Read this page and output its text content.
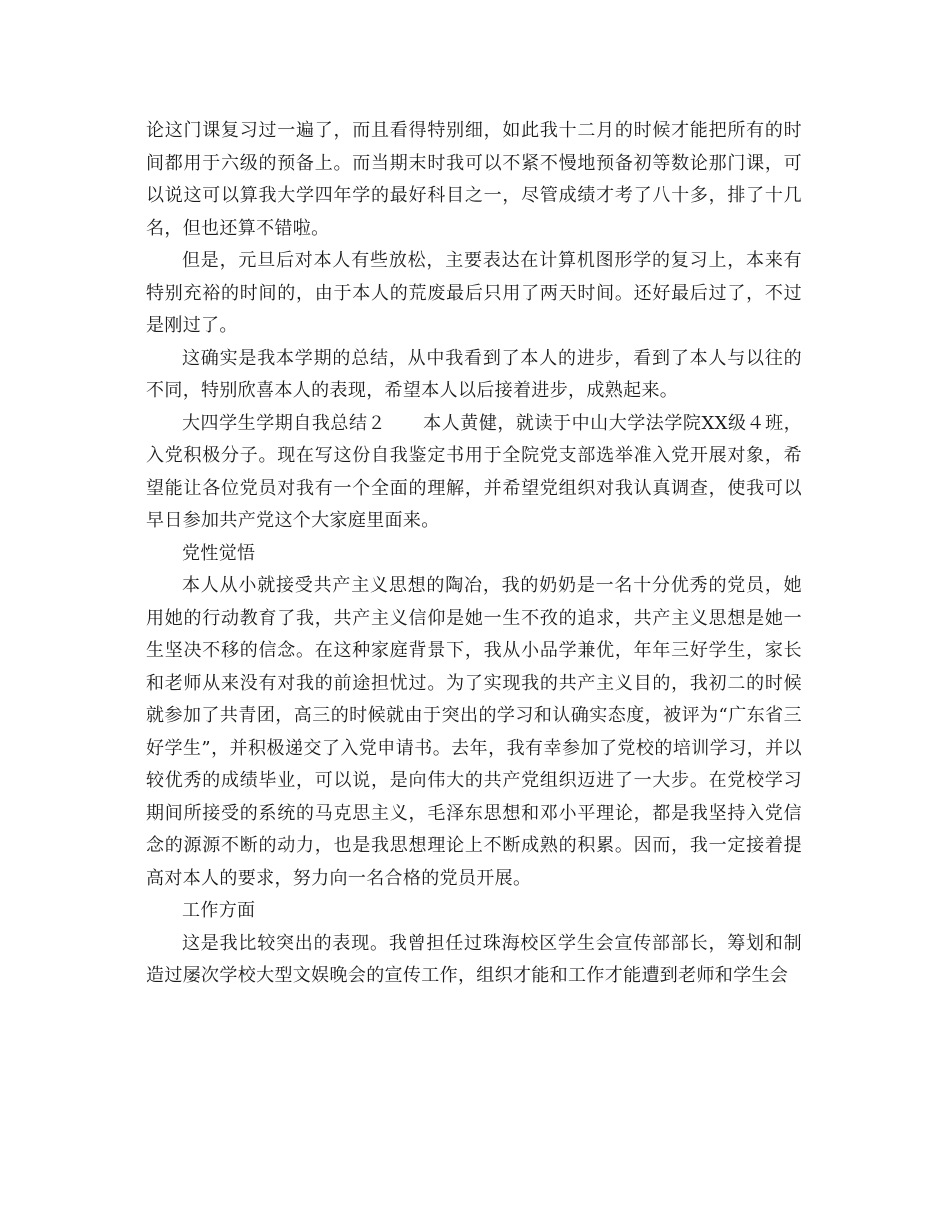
论这门课复习过一遍了，而且看得特别细，如此我十二月的时候才能把所有的时间都用于六级的预备上。而当期末时我可以不紧不慢地预备初等数论那门课，可以说这可以算我大学四年学的最好科目之一，尽管成绩才考了八十多，排了十几名，但也还算不错啦。

但是，元旦后对本人有些放松，主要表达在计算机图形学的复习上，本来有特别充裕的时间的，由于本人的荒废最后只用了两天时间。还好最后过了，不过是刚过了。

这确实是我本学期的总结，从中我看到了本人的进步，看到了本人与以往的不同，特别欣喜本人的表现，希望本人以后接着进步，成熟起来。

大四学生学期自我总结２　　本人黄健，就读于中山大学法学院XX级４班，入党积极分子。现在写这份自我鉴定书用于全院党支部选举准入党开展对象，希望能让各位党员对我有一个全面的理解，并希望党组织对我认真调查，使我可以早日参加共产党这个大家庭里面来。

党性觉悟

本人从小就接受共产主义思想的陶冶，我的奶奶是一名十分优秀的党员，她用她的行动教育了我，共产主义信仰是她一生不孜的追求，共产主义思想是她一生坚决不移的信念。在这种家庭背景下，我从小品学兼优，年年三好学生，家长和老师从来没有对我的前途担忧过。为了实现我的共产主义目的，我初二的时候就参加了共青团，高三的时候就由于突出的学习和认确实态度，被评为“广东省三好学生”，并积极递交了入党申请书。去年，我有幸参加了党校的培训学习，并以较优秀的成绩毕业，可以说，是向伟大的共产党组织迈进了一大步。在党校学习期间所接受的系统的马克思主义，毛泽东思想和邓小平理论，都是我坚持入党信念的源源不断的动力，也是我思想理论上不断成熟的积累。因而，我一定接着提高对本人的要求，努力向一名合格的党员开展。

工作方面

这是我比较突出的表现。我曾担任过珠海校区学生会宣传部部长，筹划和制造过屡次学校大型文娱晚会的宣传工作，组织才能和工作才能遭到老师和学生会
